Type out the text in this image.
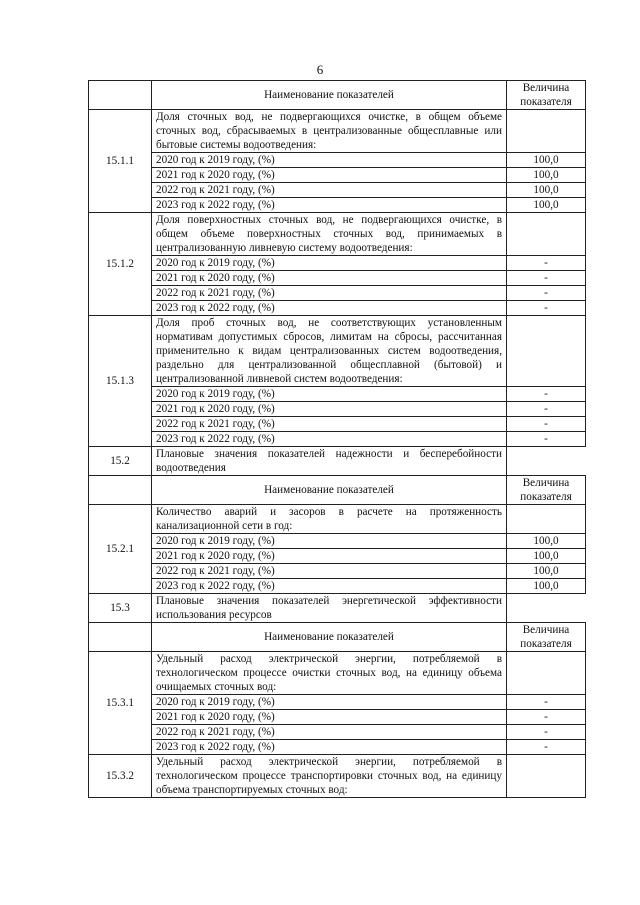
6
	Наименование показателей	Величина показателя
15.1.1	Доля сточных вод, не подвергающихся очистке, в общем объеме сточных вод, сбрасываемых в централизованные общесплавные или бытовые системы водоотведения:	
	2020 год к 2019 году, (%)	100,0
	2021 год к 2020 году, (%)	100,0
	2022 год к 2021 году, (%)	100,0
	2023 год к 2022 году, (%)	100,0
15.1.2	Доля поверхностных сточных вод, не подвергающихся очистке, в общем объеме поверхностных сточных вод, принимаемых в централизованную ливневую систему водоотведения:	
	2020 год к 2019 году, (%)	-
	2021 год к 2020 году, (%)	-
	2022 год к 2021 году, (%)	-
	2023 год к 2022 году, (%)	-
15.1.3	Доля проб сточных вод, не соответствующих установленным нормативам допустимых сбросов, лимитам на сбросы, рассчитанная применительно к видам централизованных систем водоотведения, раздельно для централизованной общесплавной (бытовой) и централизованной ливневой систем водоотведения:	
	2020 год к 2019 году, (%)	-
	2021 год к 2020 году, (%)	-
	2022 год к 2021 году, (%)	-
	2023 год к 2022 году, (%)	-
15.2	Плановые значения показателей надежности и бесперебойности водоотведения	
	Наименование показателей	Величина показателя
15.2.1	Количество аварий и засоров в расчете на протяженность канализационной сети в год:	
	2020 год к 2019 году, (%)	100,0
	2021 год к 2020 году, (%)	100,0
	2022 год к 2021 году, (%)	100,0
	2023 год к 2022 году, (%)	100,0
15.3	Плановые значения показателей энергетической эффективности использования ресурсов	
	Наименование показателей	Величина показателя
15.3.1	Удельный расход электрической энергии, потребляемой в технологическом процессе очистки сточных вод, на единицу объема очищаемых сточных вод:	
	2020 год к 2019 году, (%)	-
	2021 год к 2020 году, (%)	-
	2022 год к 2021 году, (%)	-
	2023 год к 2022 году, (%)	-
15.3.2	Удельный расход электрической энергии, потребляемой в технологическом процессе транспортировки сточных вод, на единицу объема транспортируемых сточных вод:	
